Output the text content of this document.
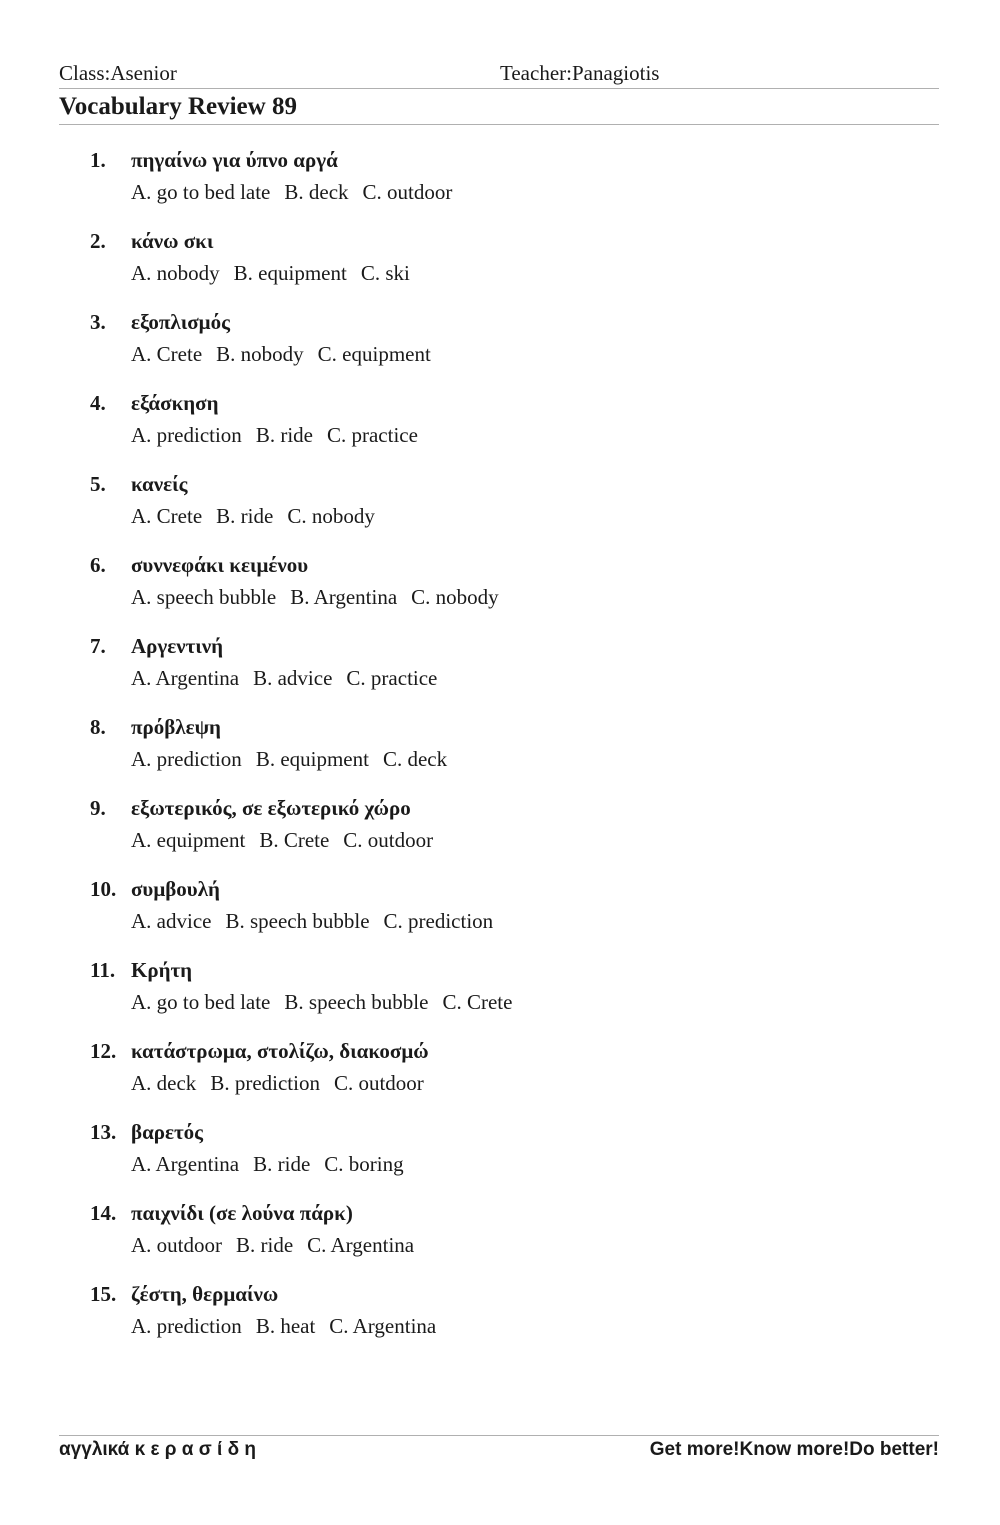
Class:Asenior	Teacher:Panagiotis
Vocabulary Review 89
1. πηγαίνω για ύπνο αργά
A. go to bed late B. deck C. outdoor
2. κάνω σκι
A. nobody B. equipment C. ski
3. εξοπλισμός
A. Crete B. nobody C. equipment
4. εξάσκηση
A. prediction B. ride C. practice
5. κανείς
A. Crete B. ride C. nobody
6. συννεφάκι κειμένου
A. speech bubble B. Argentina C. nobody
7. Αργεντινή
A. Argentina B. advice C. practice
8. πρόβλεψη
A. prediction B. equipment C. deck
9. εξωτερικός, σε εξωτερικό χώρο
A. equipment B. Crete C. outdoor
10. συμβουλή
A. advice B. speech bubble C. prediction
11. Κρήτη
A. go to bed late B. speech bubble C. Crete
12. κατάστρωμα, στολίζω, διακοσμώ
A. deck B. prediction C. outdoor
13. βαρετός
A. Argentina B. ride C. boring
14. παιχνίδι (σε λούνα πάρκ)
A. outdoor B. ride C. Argentina
15. ζέστη, θερμαίνω
A. prediction B. heat C. Argentina
αγγλικά κ ε ρ α σ ί δ η	Get more!Know more!Do better!
